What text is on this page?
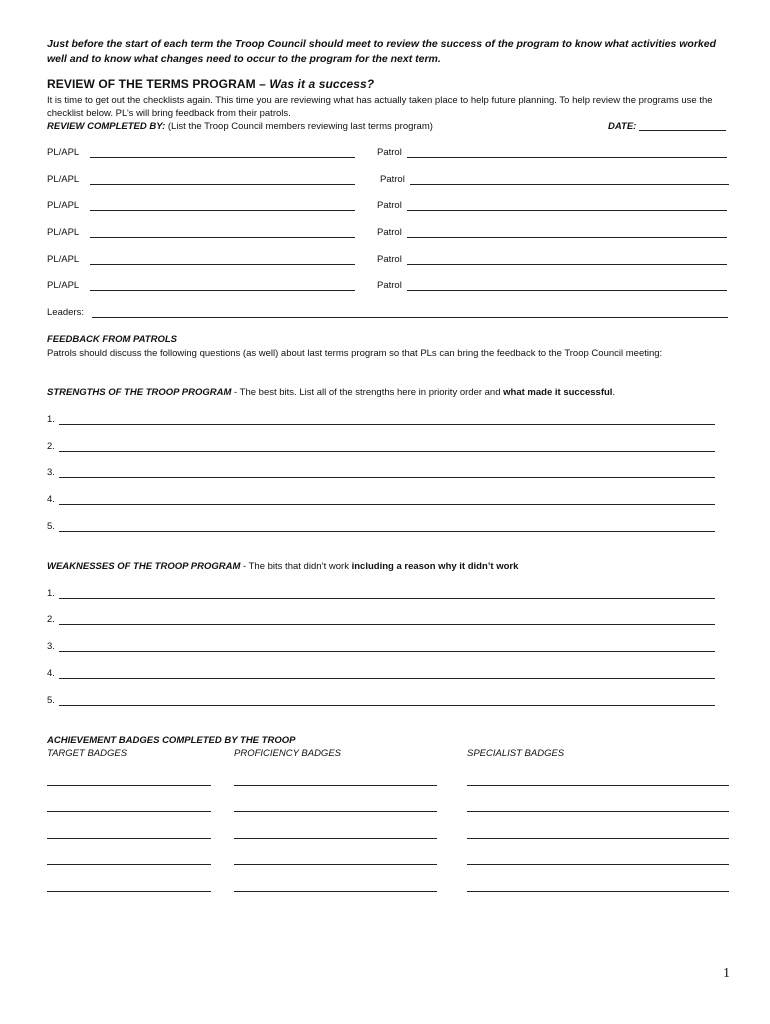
Just before the start of each term the Troop Council should meet to review the success of the program to know what activities worked well and to know what changes need to occur to the program for the next term.
REVIEW OF THE TERMS PROGRAM – Was it a success?
It is time to get out the checklists again. This time you are reviewing what has actually taken place to help future planning. To help review the programs use the checklist below. PL’s will bring feedback from their patrols.
REVIEW COMPLETED BY: (List the Troop Council members reviewing last terms program)	DATE:
PL/APL	Patrol
PL/APL	Patrol
PL/APL	Patrol
PL/APL	Patrol
PL/APL	Patrol
PL/APL	Patrol
Leaders:
FEEDBACK FROM PATROLS
Patrols should discuss the following questions (as well) about last terms program so that PLs can bring the feedback to the Troop Council meeting:
STRENGTHS OF THE TROOP PROGRAM - The best bits. List all of the strengths here in priority order and what made it successful.
1.
2.
3.
4.
5.
WEAKNESSES OF THE TROOP PROGRAM - The bits that didn’t work including a reason why it didn’t work
1.
2.
3.
4.
5.
ACHIEVEMENT BADGES COMPLETED BY THE TROOP
TARGET BADGES	PROFICIENCY BADGES	SPECIALIST BADGES
1
